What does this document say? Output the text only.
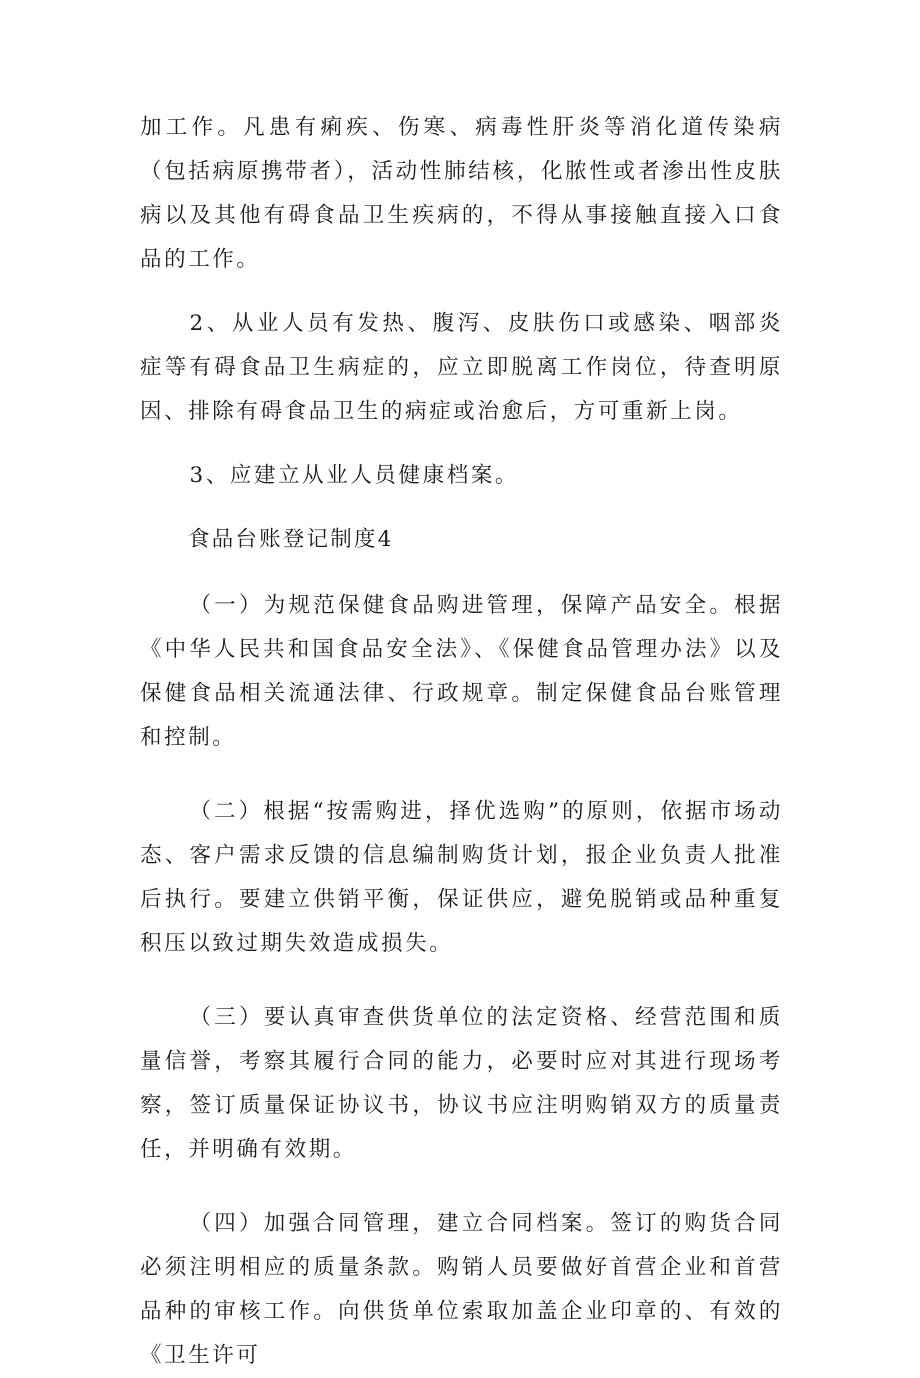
加工作。凡患有痢疾、伤寒、病毒性肝炎等消化道传染病（包括病原携带者），活动性肺结核，化脓性或者渗出性皮肤病以及其他有碍食品卫生疾病的，不得从事接触直接入口食品的工作。

2、从业人员有发热、腹泻、皮肤伤口或感染、咽部炎症等有碍食品卫生病症的，应立即脱离工作岗位，待查明原因、排除有碍食品卫生的病症或治愈后，方可重新上岗。

3、应建立从业人员健康档案。

食品台账登记制度4

（一）为规范保健食品购进管理，保障产品安全。根据《中华人民共和国食品安全法》、《保健食品管理办法》以及保健食品相关流通法律、行政规章。制定保健食品台账管理和控制。

（二）根据“按需购进，择优选购”的原则，依据市场动态、客户需求反馈的信息编制购货计划，报企业负责人批准后执行。要建立供销平衡，保证供应，避免脱销或品种重复积压以致过期失效造成损失。

（三）要认真审查供货单位的法定资格、经营范围和质量信誉，考察其履行合同的能力，必要时应对其进行现场考察，签订质量保证协议书，协议书应注明购销双方的质量责任，并明确有效期。

（四）加强合同管理，建立合同档案。签订的购货合同必须注明相应的质量条款。购销人员要做好首营企业和首营品种的审核工作。向供货单位索取加盖企业印章的、有效的《卫生许可
